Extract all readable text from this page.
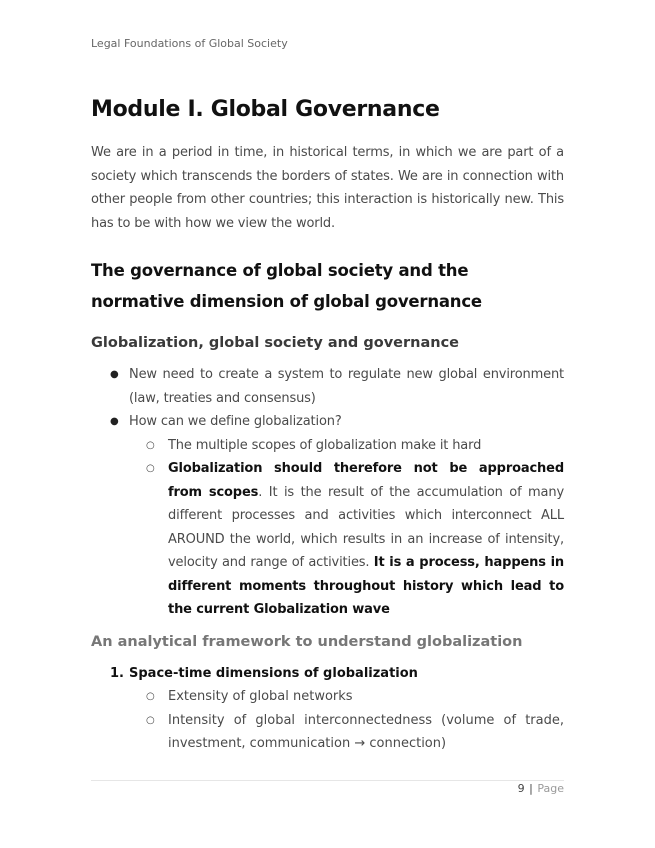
Legal Foundations of Global Society
Module I. Global Governance

We are in a period in time, in historical terms, in which we are part of a society which transcends the borders of states. We are in connection with other people from other countries; this interaction is historically new. This has to be with how we view the world.

The governance of global society and the
normative dimension of global governance
Globalization, global society and governance
● New need to create a system to regulate new global environment (law, treaties and consensus)
● How can we define globalization?
○ The multiple scopes of globalization make it hard
○ Globalization should therefore not be approached from scopes. It is the result of the accumulation of many different processes and activities which interconnect ALL AROUND the world, which results in an increase of intensity, velocity and range of activities. It is a process, happens in different moments throughout history which lead to the current Globalization wave
An analytical framework to understand globalization
1. Space-time dimensions of globalization
○ Extensity of global networks
○ Intensity of global interconnectedness (volume of trade, investment, communication → connection)
9 | Page
